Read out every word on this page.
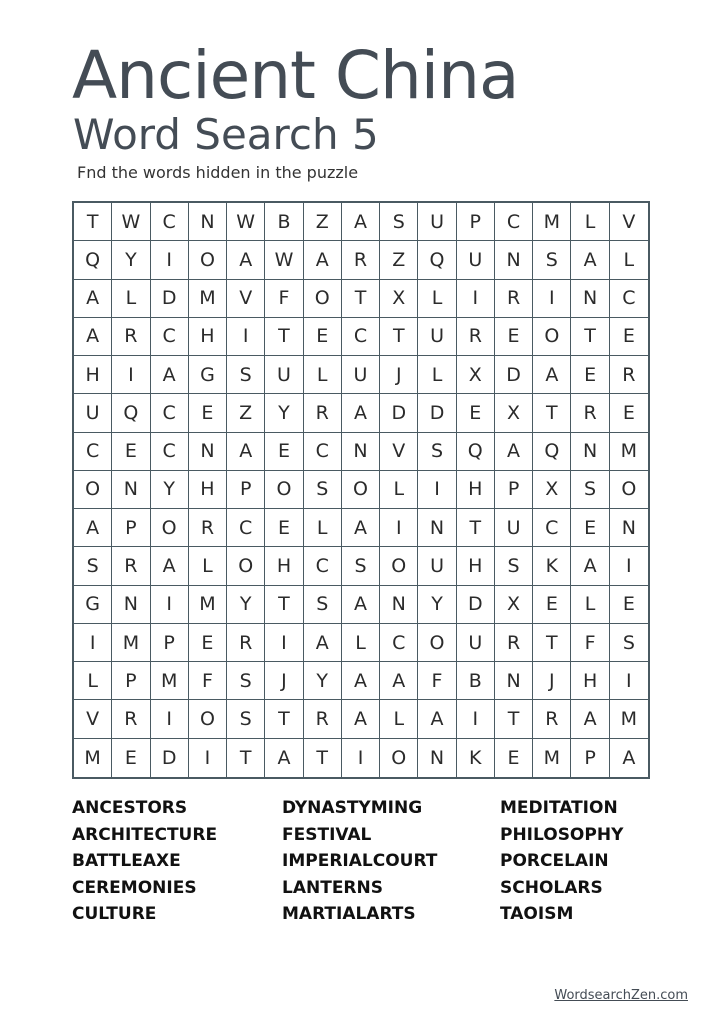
Ancient China
Word Search 5
Fnd the words hidden in the puzzle
T	W	C	N	W	B	Z	A	S	U	P	C	M	L	V
Q	Y	I	O	A	W	A	R	Z	Q	U	N	S	A	L
A	L	D	M	V	F	O	T	X	L	I	R	I	N	C
A	R	C	H	I	T	E	C	T	U	R	E	O	T	E
H	I	A	G	S	U	L	U	J	L	X	D	A	E	R
U	Q	C	E	Z	Y	R	A	D	D	E	X	T	R	E
C	E	C	N	A	E	C	N	V	S	Q	A	Q	N	M
O	N	Y	H	P	O	S	O	L	I	H	P	X	S	O
A	P	O	R	C	E	L	A	I	N	T	U	C	E	N
S	R	A	L	O	H	C	S	O	U	H	S	K	A	I
G	N	I	M	Y	T	S	A	N	Y	D	X	E	L	E
I	M	P	E	R	I	A	L	C	O	U	R	T	F	S
L	P	M	F	S	J	Y	A	A	F	B	N	J	H	I
V	R	I	O	S	T	R	A	L	A	I	T	R	A	M
M	E	D	I	T	A	T	I	O	N	K	E	M	P	A
ANCESTORS
ARCHITECTURE
BATTLEAXE
CEREMONIES
CULTURE
DYNASTYMING
FESTIVAL
IMPERIALCOURT
LANTERNS
MARTIALARTS
MEDITATION
PHILOSOPHY
PORCELAIN
SCHOLARS
TAOISM
WordsearchZen.com
